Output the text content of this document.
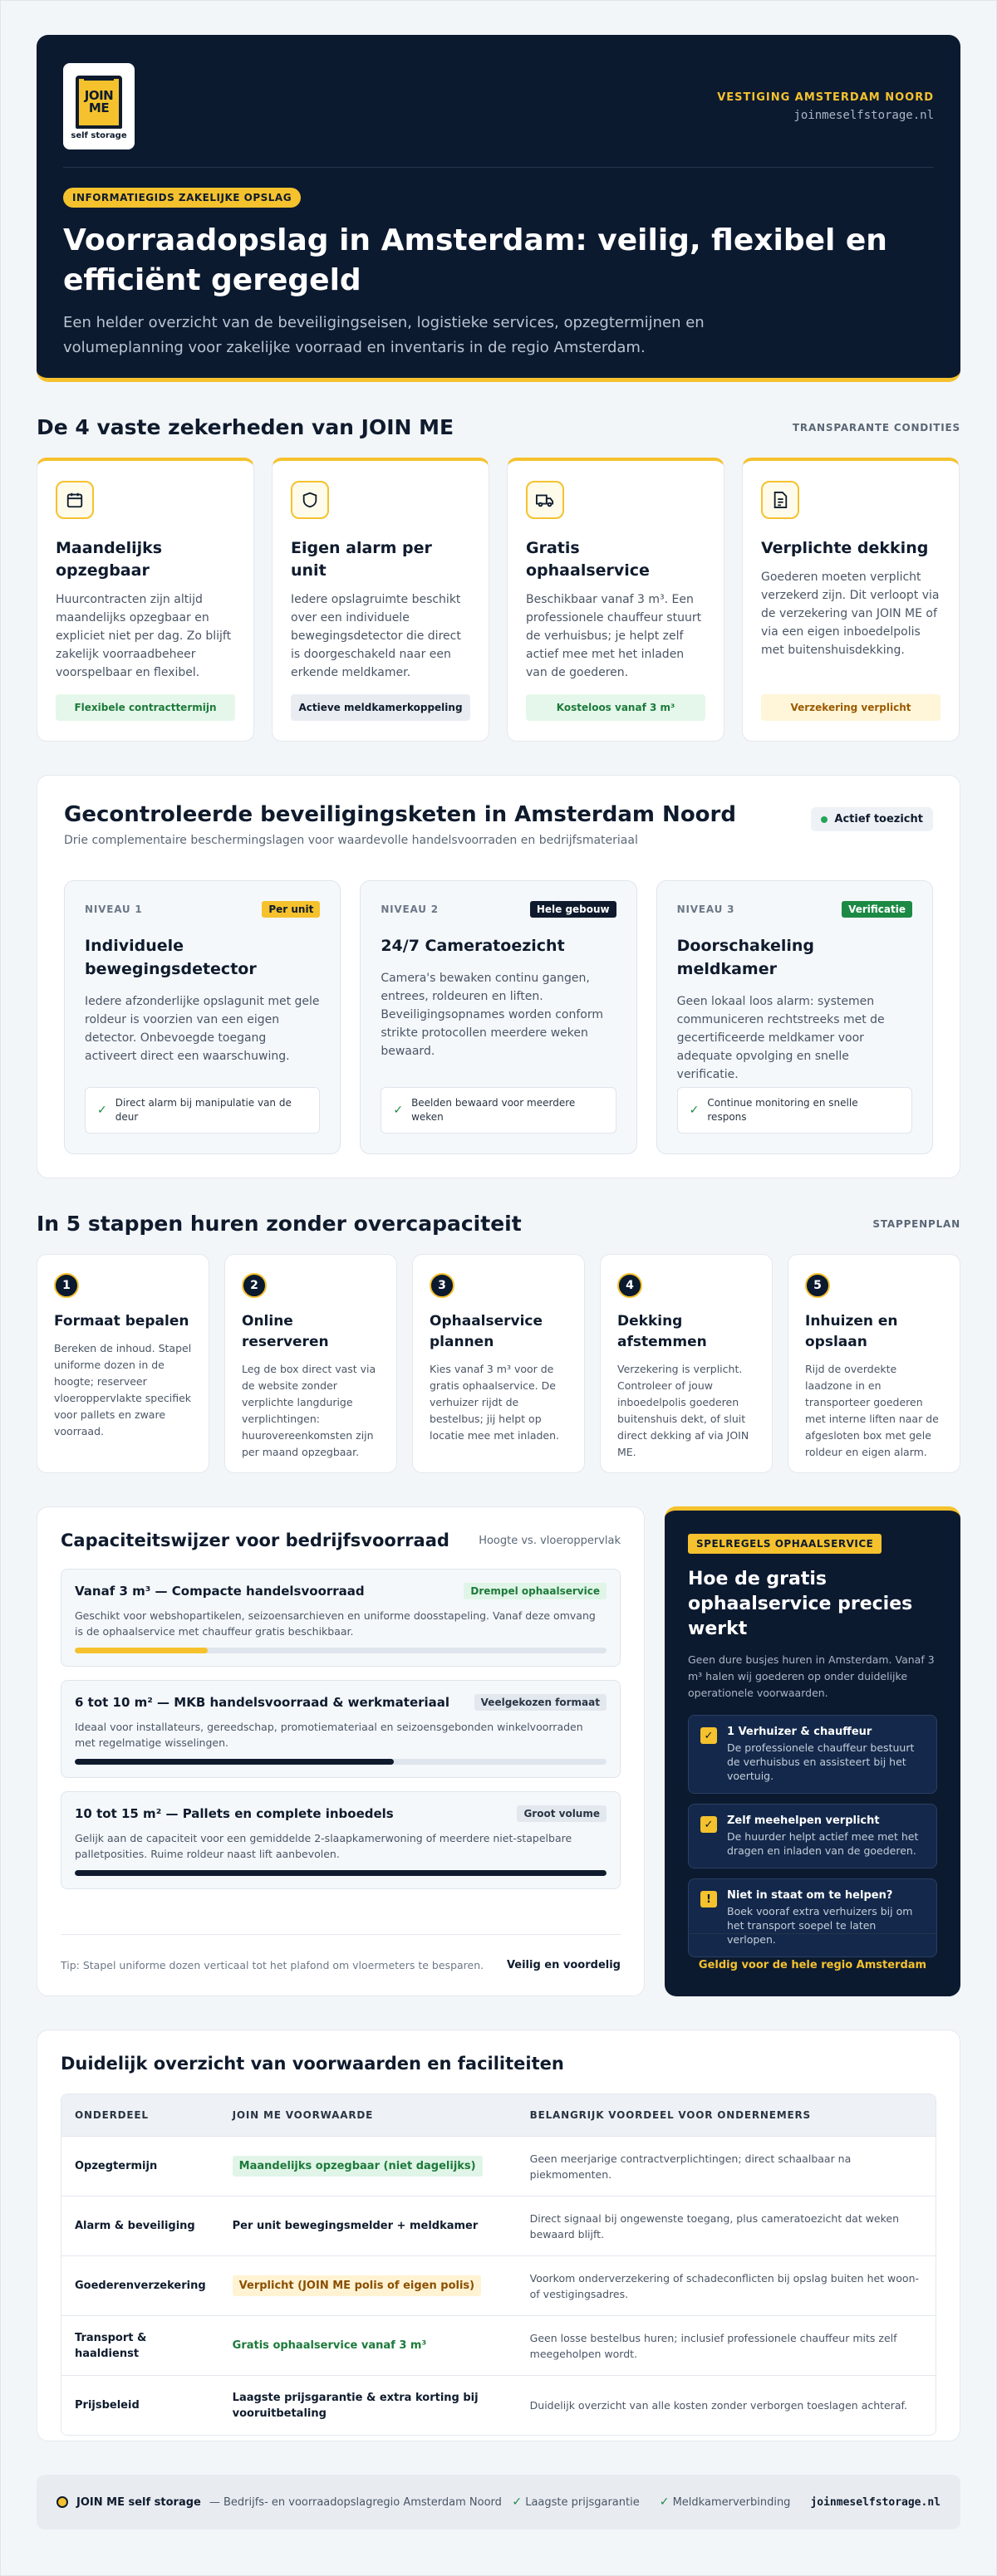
JOIN
ME
self storage
VESTIGING AMSTERDAM NOORD
joinmeselfstorage.nl
INFORMATIEGIDS ZAKELIJKE OPSLAG
Voorraadopslag in Amsterdam: veilig, flexibel en efficiënt geregeld

Een helder overzicht van de beveiligingseisen, logistieke services, opzegtermijnen en volumeplanning voor zakelijke voorraad en inventaris in de regio Amsterdam.

De 4 vaste zekerheden van JOIN ME	TRANSPARANTE CONDITIES
Maandelijks opzegbaar

Huurcontracten zijn altijd maandelijks opzegbaar en expliciet niet per dag. Zo blijft zakelijk voorraadbeheer voorspelbaar en flexibel.

Flexibele contracttermijn
Eigen alarm per unit

Iedere opslagruimte beschikt over een individuele bewegingsdetector die direct is doorgeschakeld naar een erkende meldkamer.

Actieve meldkamerkoppeling
Gratis ophaalservice

Beschikbaar vanaf 3 m³. Een professionele chauffeur stuurt de verhuisbus; je helpt zelf actief mee met het inladen van de goederen.

Kosteloos vanaf 3 m³
Verplichte dekking

Goederen moeten verplicht verzekerd zijn. Dit verloopt via de verzekering van JOIN ME of via een eigen inboedelpolis met buitenshuisdekking.

Verzekering verplicht
Gecontroleerde beveiligingsketen in Amsterdam Noord
Drie complementaire beschermingslagen voor waardevolle handelsvoorraden en bedrijfsmateriaal
Actief toezicht
NIVEAU 1	Per unit
Individuele bewegingsdetector

Iedere afzonderlijke opslagunit met gele roldeur is voorzien van een eigen detector. Onbevoegde toegang activeert direct een waarschuwing.

✓
Direct alarm bij manipulatie van de deur
NIVEAU 2	Hele gebouw
24/7 Cameratoezicht

Camera's bewaken continu gangen, entrees, roldeuren en liften. Beveiligingsopnames worden conform strikte protocollen meerdere weken bewaard.

✓
Beelden bewaard voor meerdere weken
NIVEAU 3	Verificatie
Doorschakeling meldkamer

Geen lokaal loos alarm: systemen communiceren rechtstreeks met de gecertificeerde meldkamer voor adequate opvolging en snelle verificatie.

✓
Continue monitoring en snelle respons
In 5 stappen huren zonder overcapaciteit	STAPPENPLAN
1
Formaat bepalen

Bereken de inhoud. Stapel uniforme dozen in de hoogte; reserveer vloeroppervlakte specifiek voor pallets en zware voorraad.

2
Online reserveren

Leg de box direct vast via de website zonder verplichte langdurige verplichtingen: huurovereenkomsten zijn per maand opzegbaar.

3
Ophaalservice plannen

Kies vanaf 3 m³ voor de gratis ophaalservice. De verhuizer rijdt de bestelbus; jij helpt op locatie mee met inladen.

4
Dekking afstemmen

Verzekering is verplicht. Controleer of jouw inboedelpolis goederen buitenshuis dekt, of sluit direct dekking af via JOIN ME.

5
Inhuizen en opslaan

Rijd de overdekte laadzone in en transporteer goederen met interne liften naar de afgesloten box met gele roldeur en eigen alarm.

Capaciteitswijzer voor bedrijfsvoorraad	Hoogte vs. vloeroppervlak
Vanaf 3 m³ — Compacte handelsvoorraad	Drempel ophaalservice

Geschikt voor webshopartikelen, seizoensarchieven en uniforme doosstapeling. Vanaf deze omvang is de ophaalservice met chauffeur gratis beschikbaar.

6 tot 10 m² — MKB handelsvoorraad & werkmateriaal	Veelgekozen formaat

Ideaal voor installateurs, gereedschap, promotiemateriaal en seizoensgebonden winkelvoorraden met regelmatige wisselingen.

10 tot 15 m² — Pallets en complete inboedels	Groot volume

Gelijk aan de capaciteit voor een gemiddelde 2-slaapkamerwoning of meerdere niet-stapelbare palletposities. Ruime roldeur naast lift aanbevolen.

Tip: Stapel uniforme dozen verticaal tot het plafond om vloermeters te besparen. Veilig en voordelig
SPELREGELS OPHAALSERVICE
Hoe de gratis ophaalservice precies werkt

Geen dure busjes huren in Amsterdam. Vanaf 3 m³ halen wij goederen op onder duidelijke operationele voorwaarden.

✓	1 Verhuizer & chauffeur

De professionele chauffeur bestuurt de verhuisbus en assisteert bij het voertuig.

✓	Zelf meehelpen verplicht

De huurder helpt actief mee met het dragen en inladen van de goederen.

!	Niet in staat om te helpen?

Boek vooraf extra verhuizers bij om het transport soepel te laten verlopen.

Geldig voor de hele regio Amsterdam
Duidelijk overzicht van voorwaarden en faciliteiten
ONDERDEEL	JOIN ME VOORWAARDE	BELANGRIJK VOORDEEL VOOR ONDERNEMERS
Opzegtermijn	Maandelijks opzegbaar (niet dagelijks)	Geen meerjarige contractverplichtingen; direct schaalbaar na piekmomenten.
Alarm & beveiliging	Per unit bewegingsmelder + meldkamer	Direct signaal bij ongewenste toegang, plus cameratoezicht dat weken bewaard blijft.
Goederenverzekering	Verplicht (JOIN ME polis of eigen polis)	Voorkom onderverzekering of schadeconflicten bij opslag buiten het woon- of vestigingsadres.
Transport & haaldienst	Gratis ophaalservice vanaf 3 m³	Geen losse bestelbus huren; inclusief professionele chauffeur mits zelf meegeholpen wordt.
Prijsbeleid	Laagste prijsgarantie & extra korting bij vooruitbetaling	Duidelijk overzicht van alle kosten zonder verborgen toeslagen achteraf.
JOIN ME self storage — Bedrijfs- en voorraadopslagregio Amsterdam Noord ✓ Laagste prijsgarantie ✓ Meldkamerverbinding joinmeselfstorage.nl
